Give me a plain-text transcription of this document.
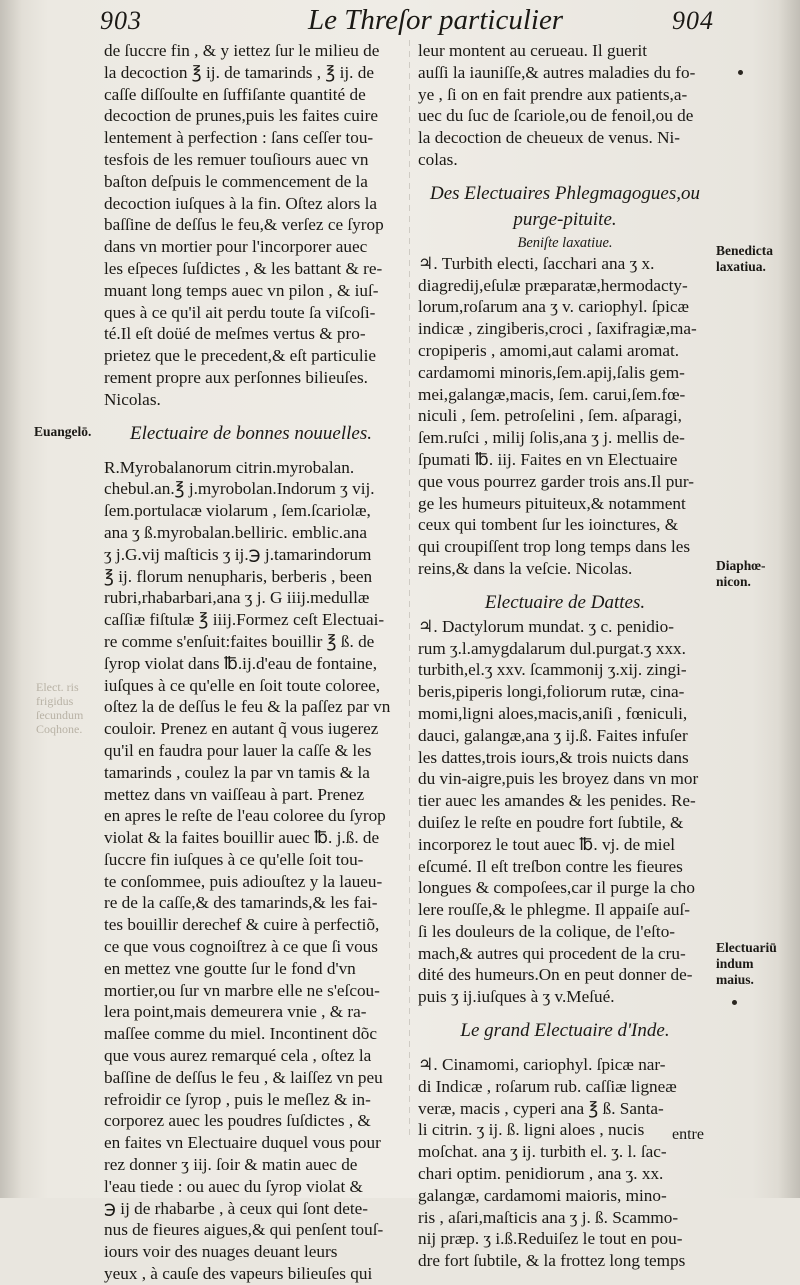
903	Le Threſor particulier	904
de ſuccre fin , & y iettez ſur le milieu de
la decoction ℥ ij. de tamarinds , ℥ ij. de
caſſe diſſoulte en ſuffiſante quantité de
decoction de prunes,puis les faites cuire
lentement à perfection : ſans ceſſer tou-
tesfois de les remuer touſiours auec vn
baſton deſpuis le commencement de la
decoction iuſques à la fin. Oſtez alors la
baſſine de deſſus le feu,& verſez ce ſyrop
dans vn mortier pour l'incorporer auec
les eſpeces ſuſdictes , & les battant & re-
muant long temps auec vn pilon , & iuſ-
ques à ce qu'il ait perdu toute ſa viſcoſi-
té.Il eſt doüé de meſmes vertus & pro-
prietez que le precedent,& eſt particulie
rement propre aux perſonnes bilieuſes.
Nicolas.
Electuaire de bonnes nouuelles.
R.Myrobalanorum citrin.myrobalan.
chebul.an.℥ j.myrobolan.Indorum ʒ vij.
ſem.portulacæ violarum , ſem.ſcariolæ,
ana ʒ ß.myrobalan.belliric. emblic.ana
ʒ j.G.vij maſticis ʒ ij.℈ j.tamarindorum
℥ ij. florum nenupharis, berberis , been
rubri,rhabarbari,ana ʒ j. G iiij.medullæ
caſſiæ fiſtulæ ℥ iiij.Formez ceſt Electuai-
re comme s'enſuit:faites bouillir ℥ ß. de
ſyrop violat dans ℔.ij.d'eau de fontaine,
iuſques à ce qu'elle en ſoit toute coloree,
oſtez la de deſſus le feu & la paſſez par vn
couloir. Prenez en autant q̃ vous iugerez
qu'il en faudra pour lauer la caſſe & les
tamarinds , coulez la par vn tamis & la
mettez dans vn vaiſſeau à part. Prenez
en apres le reſte de l'eau coloree du ſyrop
violat & la faites bouillir auec ℔. j.ß. de
ſuccre fin iuſques à ce qu'elle ſoit tou-
te conſommee, puis adiouſtez y la laueu-
re de la caſſe,& des tamarinds,& les fai-
tes bouillir derechef & cuire à perfectiõ,
ce que vous cognoiſtrez à ce que ſi vous
en mettez vne goutte ſur le fond d'vn
mortier,ou ſur vn marbre elle ne s'eſcou-
lera point,mais demeurera vnie , & ra-
maſſee comme du miel. Incontinent dõc
que vous aurez remarqué cela , oſtez la
baſſine de deſſus le feu , & laiſſez vn peu
refroidir ce ſyrop , puis le meſlez & in-
corporez auec les poudres ſuſdictes , &
en faites vn Electuaire duquel vous pour
rez donner ʒ iij. ſoir & matin auec de
l'eau tiede : ou auec du ſyrop violat &
℈ ij de rhabarbe , à ceux qui ſont dete-
nus de fieures aigues,& qui penſent touſ-
iours voir des nuages deuant leurs
yeux , à cauſe des vapeurs bilieuſes qui
leur montent au cerueau. Il guerit
auſſi la iauniſſe,& autres maladies du fo-
ye , ſi on en fait prendre aux patients,a-
uec du ſuc de ſcariole,ou de fenoil,ou de
la decoction de cheueux de venus. Ni-
colas.
Des Electuaires Phlegmagogues,ou
purge-pituite.
Beniſte laxatiue.
♃. Turbith electi, ſacchari ana ʒ x.
diagredij,eſulæ præparatæ,hermodacty-
lorum,roſarum ana ʒ v. cariophyl. ſpicæ
indicæ , zingiberis,croci , ſaxifragiæ,ma-
cropiperis , amomi,aut calami aromat.
cardamomi minoris,ſem.apij,ſalis gem-
mei,galangæ,macis, ſem. carui,ſem.fœ-
niculi , ſem. petroſelini , ſem. aſparagi,
ſem.ruſci , milij ſolis,ana ʒ j. mellis de-
ſpumati ℔. iij. Faites en vn Electuaire
que vous pourrez garder trois ans.Il pur-
ge les humeurs pituiteux,& notamment
ceux qui tombent ſur les ioinctures, &
qui croupiſſent trop long temps dans les
reins,& dans la veſcie. Nicolas.
Electuaire de Dattes.
♃. Dactylorum mundat. ʒ c. penidio-
rum ʒ.l.amygdalarum dul.purgat.ʒ xxx.
turbith,el.ʒ xxv. ſcammonij ʒ.xij. zingi-
beris,piperis longi,foliorum rutæ, cina-
momi,ligni aloes,macis,aniſi , fœniculi,
dauci, galangæ,ana ʒ ij.ß. Faites infuſer
les dattes,trois iours,& trois nuicts dans
du vin-aigre,puis les broyez dans vn mor
tier auec les amandes & les penides. Re-
duiſez le reſte en poudre fort ſubtile, &
incorporez le tout auec ℔. vj. de miel
eſcumé. Il eſt treſbon contre les fieures
longues & compoſees,car il purge la cho
lere rouſſe,& le phlegme. Il appaiſe auſ-
ſi les douleurs de la colique, de l'eſto-
mach,& autres qui procedent de la cru-
dité des humeurs.On en peut donner de-
puis ʒ ij.iuſques à ʒ v.Meſué.
Le grand Electuaire d'Inde.
♃. Cinamomi, cariophyl. ſpicæ nar-
di Indicæ , roſarum rub. caſſiæ ligneæ
veræ, macis , cyperi ana ℥ ß. Santa-
li citrin. ʒ ij. ß. ligni aloes , nucis
moſchat. ana ʒ ij. turbith el. ʒ. l. ſac-
chari optim. penidiorum , ana ʒ. xx.
galangæ, cardamomi maioris, mino-
ris , aſari,maſticis ana ʒ j. ß. Scammo-
nij præp. ʒ i.ß.Reduiſez le tout en pou-
dre fort ſubtile, & la frottez long temps
Euangelō.
Elect. ris
frigidus
ſecundum
Coqhone.
Benedicta
laxatiua.
Diaphœ-
nicon.
Electuariū
indum
maius.
entre
